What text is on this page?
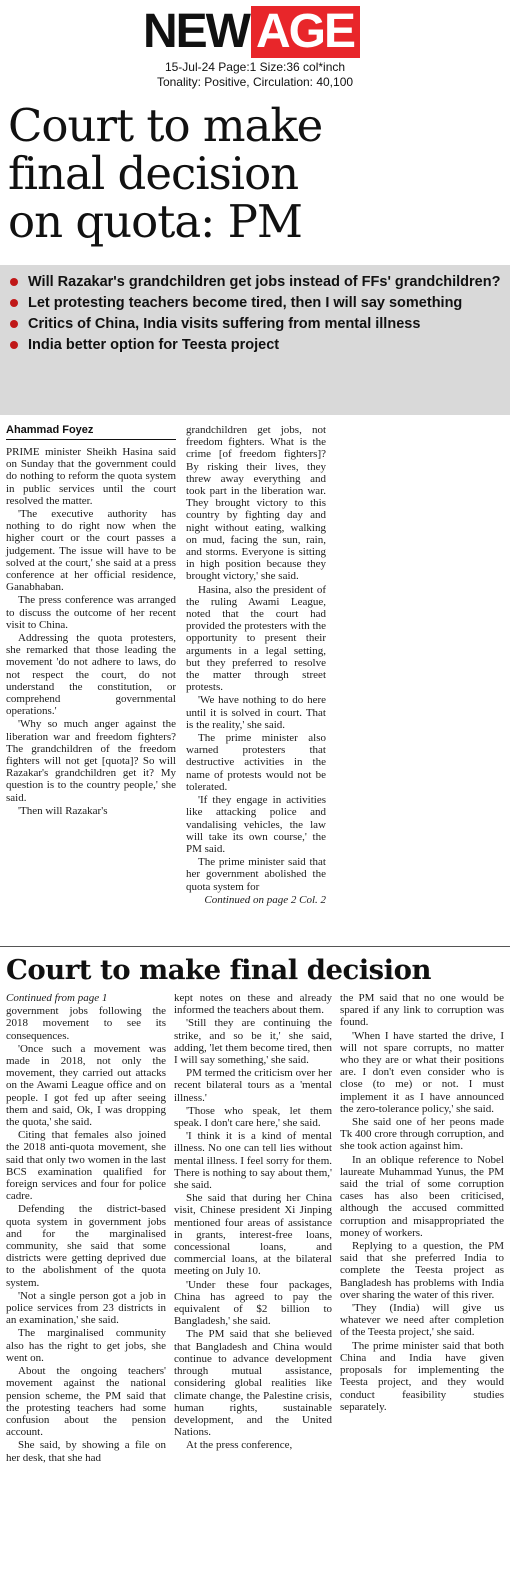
NEW AGE
15-Jul-24 Page:1 Size:36 col*inch
Tonality: Positive, Circulation: 40,100
Court to make
final decision
on quota: PM
Will Razakar's grandchildren get jobs instead of FFs' grandchildren?
Let protesting teachers become tired, then I will say something
Critics of China, India visits suffering from mental illness
India better option for Teesta project
Ahammad Foyez

PRIME minister Sheikh Hasina said on Sunday that the government could do nothing to reform the quota system in public services until the court resolved the matter.

'The executive authority has nothing to do right now when the higher court or the court passes a judgement. The issue will have to be solved at the court,' she said at a press conference at her official residence, Ganabhaban.

The press conference was arranged to discuss the outcome of her recent visit to China.

Addressing the quota protesters, she remarked that those leading the movement 'do not adhere to laws, do not respect the court, do not understand the constitution, or comprehend governmental operations.'

'Why so much anger against the liberation war and freedom fighters? The grandchildren of the freedom fighters will not get [quota]? So will Razakar's grandchildren get it? My question is to the country people,' she said.

'Then will Razakar's

grandchildren get jobs, not freedom fighters. What is the crime [of freedom fighters]? By risking their lives, they threw away everything and took part in the liberation war. They brought victory to this country by fighting day and night without eating, walking on mud, facing the sun, rain, and storms. Everyone is sitting in high position because they brought victory,' she said.

Hasina, also the president of the ruling Awami League, noted that the court had provided the protesters with the opportunity to present their arguments in a legal setting, but they preferred to resolve the matter through street protests.

'We have nothing to do here until it is solved in court. That is the reality,' she said.

The prime minister also warned protesters that destructive activities in the name of protests would not be tolerated.

'If they engage in activities like attacking police and vandalising vehicles, the law will take its own course,' the PM said.

The prime minister said that her government abolished the quota system for

Continued on page 2 Col. 2

Court to make final decision

Continued from page 1

government jobs following the 2018 movement to see its consequences.

'Once such a movement was made in 2018, not only the movement, they carried out attacks on the Awami League office and on people. I got fed up after seeing them and said, Ok, I was dropping the quota,' she said.

Citing that females also joined the 2018 anti-quota movement, she said that only two women in the last BCS examination qualified for foreign services and four for police cadre.

Defending the district-based quota system in government jobs and for the marginalised community, she said that some districts were getting deprived due to the abolishment of the quota system.

'Not a single person got a job in police services from 23 districts in an examination,' she said.

The marginalised community also has the right to get jobs, she went on.

About the ongoing teachers' movement against the national pension scheme, the PM said that the protesting teachers had some confusion about the pension account.

She said, by showing a file on her desk, that she had

kept notes on these and already informed the teachers about them.

'Still they are continuing the strike, and so be it,' she said, adding, 'let them become tired, then I will say something,' she said.

PM termed the criticism over her recent bilateral tours as a 'mental illness.'

'Those who speak, let them speak. I don't care here,' she said.

'I think it is a kind of mental illness. No one can tell lies without mental illness. I feel sorry for them. There is nothing to say about them,' she said.

She said that during her China visit, Chinese president Xi Jinping mentioned four areas of assistance in grants, interest-free loans, concessional loans, and commercial loans, at the bilateral meeting on July 10.

'Under these four packages, China has agreed to pay the equivalent of $2 billion to Bangladesh,' she said.

The PM said that she believed that Bangladesh and China would continue to advance development through mutual assistance, considering global realities like climate change, the Palestine crisis, human rights, sustainable development, and the United Nations.

At the press conference,

the PM said that no one would be spared if any link to corruption was found.

'When I have started the drive, I will not spare corrupts, no matter who they are or what their positions are. I don't even consider who is close (to me) or not. I must implement it as I have announced the zero-tolerance policy,' she said.

She said one of her peons made Tk 400 crore through corruption, and she took action against him.

In an oblique reference to Nobel laureate Muhammad Yunus, the PM said the trial of some corruption cases has also been criticised, although the accused committed corruption and misappropriated the money of workers.

Replying to a question, the PM said that she preferred India to complete the Teesta project as Bangladesh has problems with India over sharing the water of this river.

'They (India) will give us whatever we need after completion of the Teesta project,' she said.

The prime minister said that both China and India have given proposals for implementing the Teesta project, and they would conduct feasibility studies separately.
